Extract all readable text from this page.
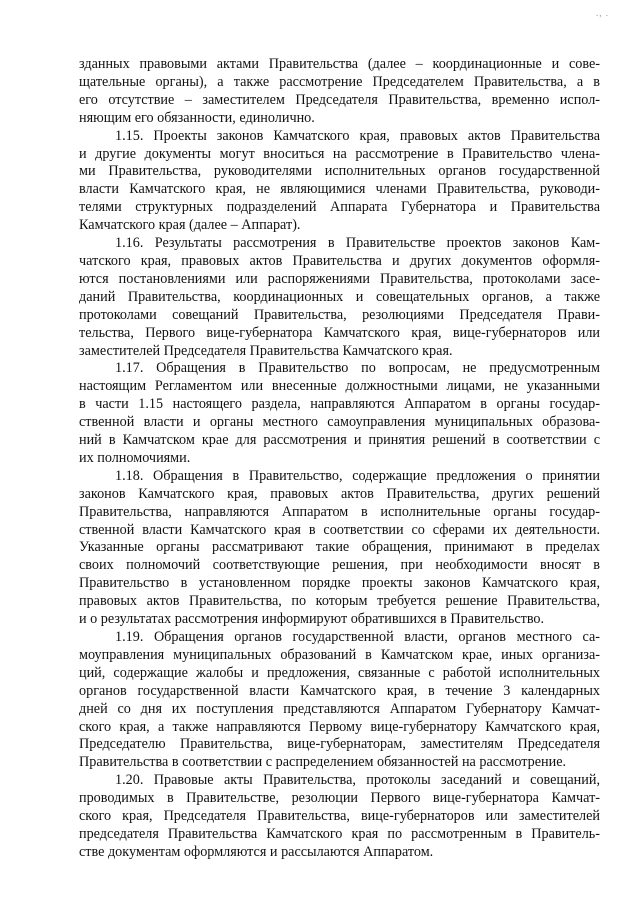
., .

зданных правовыми актами Правительства (далее – координационные и сове-
щательные органы), а также рассмотрение Председателем Правительства, а в
его отсутствие – заместителем Председателя Правительства, временно испол-
няющим его обязанности, единолично.

1.15. Проекты законов Камчатского края, правовых актов Правительства
и другие документы могут вноситься на рассмотрение в Правительство члена-
ми Правительства, руководителями исполнительных органов государственной
власти Камчатского края, не являющимися членами Правительства, руководи-
телями структурных подразделений Аппарата Губернатора и Правительства
Камчатского края (далее – Аппарат).

1.16. Результаты рассмотрения в Правительстве проектов законов Кам-
чатского края, правовых актов Правительства и других документов оформля-
ются постановлениями или распоряжениями Правительства, протоколами засе-
даний Правительства, координационных и совещательных органов, а также
протоколами совещаний Правительства, резолюциями Председателя Прави-
тельства, Первого вице-губернатора Камчатского края, вице-губернаторов или
заместителей Председателя Правительства Камчатского края.

1.17. Обращения в Правительство по вопросам, не предусмотренным
настоящим Регламентом или внесенные должностными лицами, не указанными
в части 1.15 настоящего раздела, направляются Аппаратом в органы государ-
ственной власти и органы местного самоуправления муниципальных образова-
ний в Камчатском крае для рассмотрения и принятия решений в соответствии с
их полномочиями.

1.18. Обращения в Правительство, содержащие предложения о принятии
законов Камчатского края, правовых актов Правительства, других решений
Правительства, направляются Аппаратом в исполнительные органы государ-
ственной власти Камчатского края в соответствии со сферами их деятельности.
Указанные органы рассматривают такие обращения, принимают в пределах
своих полномочий соответствующие решения, при необходимости вносят в
Правительство в установленном порядке проекты законов Камчатского края,
правовых актов Правительства, по которым требуется решение Правительства,
и о результатах рассмотрения информируют обратившихся в Правительство.

1.19. Обращения органов государственной власти, органов местного са-
моуправления муниципальных образований в Камчатском крае, иных организа-
ций, содержащие жалобы и предложения, связанные с работой исполнительных
органов государственной власти Камчатского края, в течение 3 календарных
дней со дня их поступления представляются Аппаратом Губернатору Камчат-
ского края, а также направляются Первому вице-губернатору Камчатского края,
Председателю Правительства, вице-губернаторам, заместителям Председателя
Правительства в соответствии с распределением обязанностей на рассмотрение.

1.20. Правовые акты Правительства, протоколы заседаний и совещаний,
проводимых в Правительстве, резолюции Первого вице-губернатора Камчат-
ского края, Председателя Правительства, вице-губернаторов или заместителей
председателя Правительства Камчатского края по рассмотренным в Правитель-
стве документам оформляются и рассылаются Аппаратом.
